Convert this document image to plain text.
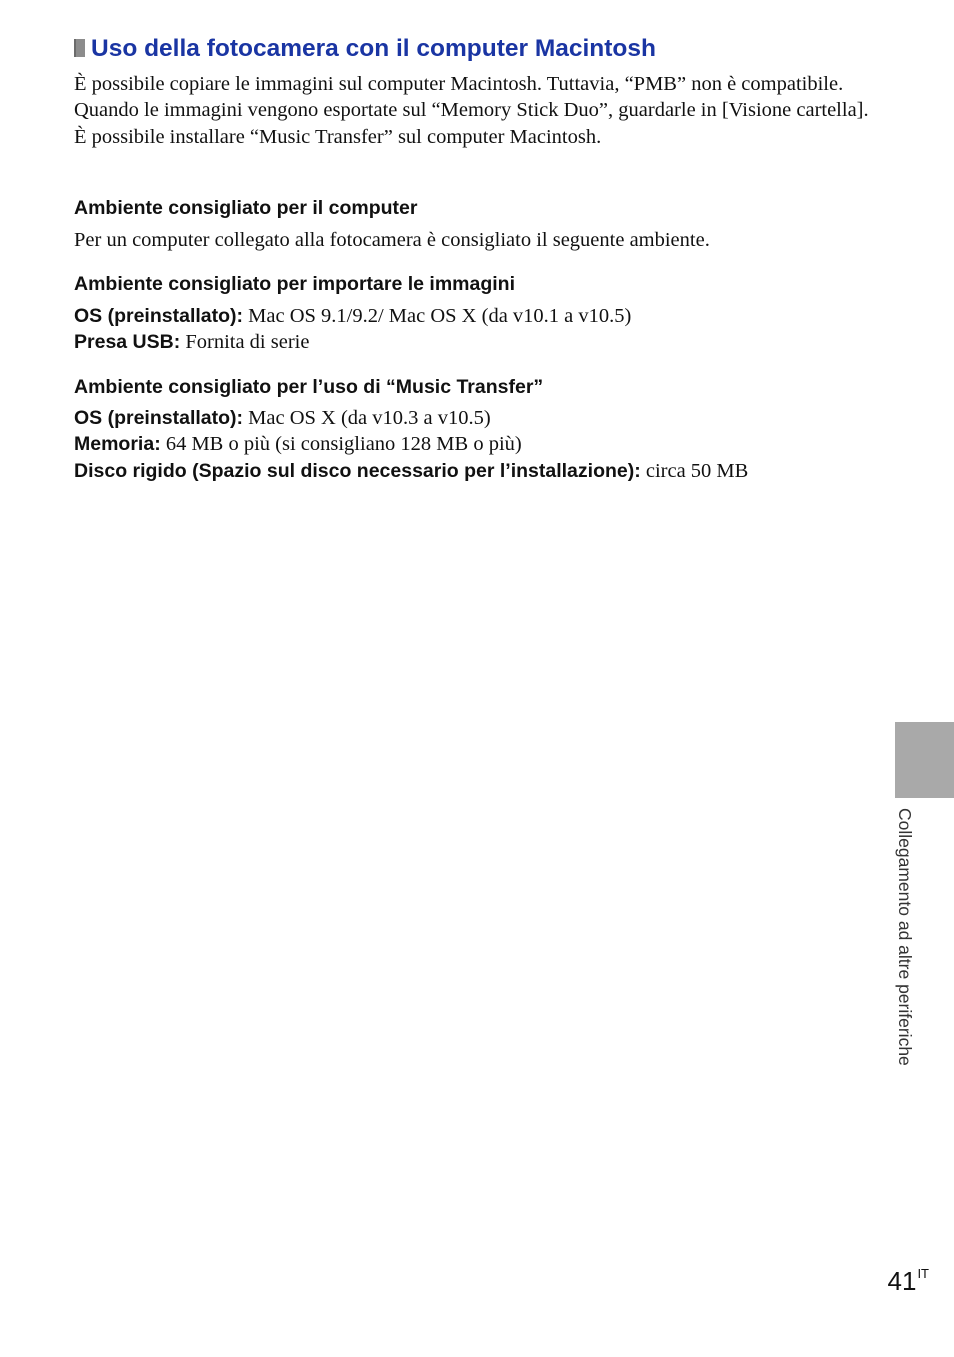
Uso della fotocamera con il computer Macintosh

È possibile copiare le immagini sul computer Macintosh. Tuttavia, “PMB” non è compatibile. Quando le immagini vengono esportate sul “Memory Stick Duo”, guardarle in [Visione cartella].

È possibile installare “Music Transfer” sul computer Macintosh.

Ambiente consigliato per il computer

Per un computer collegato alla fotocamera è consigliato il seguente ambiente.

Ambiente consigliato per importare le immagini

OS (preinstallato): Mac OS 9.1/9.2/ Mac OS X (da v10.1 a v10.5)

Presa USB: Fornita di serie

Ambiente consigliato per l’uso di “Music Transfer”

OS (preinstallato): Mac OS X (da v10.3 a v10.5)

Memoria: 64 MB o più (si consigliano 128 MB o più)

Disco rigido (Spazio sul disco necessario per l’installazione): circa 50 MB

Collegamento ad altre periferiche
$41^{IT}$
